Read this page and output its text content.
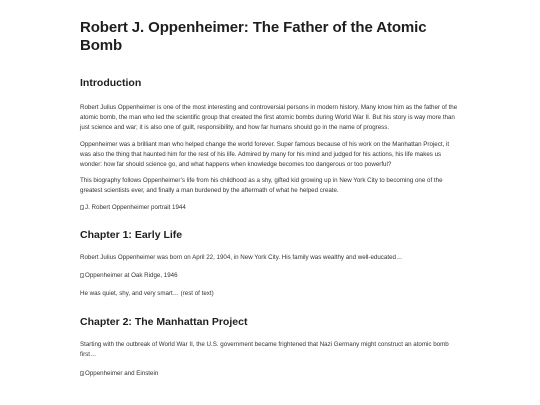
Robert J. Oppenheimer: The Father of the Atomic Bomb
Introduction

Robert Julius Oppenheimer is one of the most interesting and controversial persons in modern history. Many know him as the father of the atomic bomb, the man who led the scientific group that created the first atomic bombs during World War II. But his story is way more than just science and war; it is also one of guilt, responsibility, and how far humans should go in the name of progress.

Oppenheimer was a brilliant man who helped change the world forever. Super famous because of his work on the Manhattan Project, it was also the thing that haunted him for the rest of his life. Admired by many for his mind and judged for his actions, his life makes us wonder: how far should science go, and what happens when knowledge becomes too dangerous or too powerful?

This biography follows Oppenheimer’s life from his childhood as a shy, gifted kid growing up in New York City to becoming one of the greatest scientists ever, and finally a man burdened by the aftermath of what he helped create.

J. Robert Oppenheimer portrait 1944
Chapter 1: Early Life

Robert Julius Oppenheimer was born on April 22, 1904, in New York City. His family was wealthy and well-educated…

Oppenheimer at Oak Ridge, 1946

He was quiet, shy, and very smart… (rest of text)

Chapter 2: The Manhattan Project

Starting with the outbreak of World War II, the U.S. government became frightened that Nazi Germany might construct an atomic bomb first…

Oppenheimer and Einstein
